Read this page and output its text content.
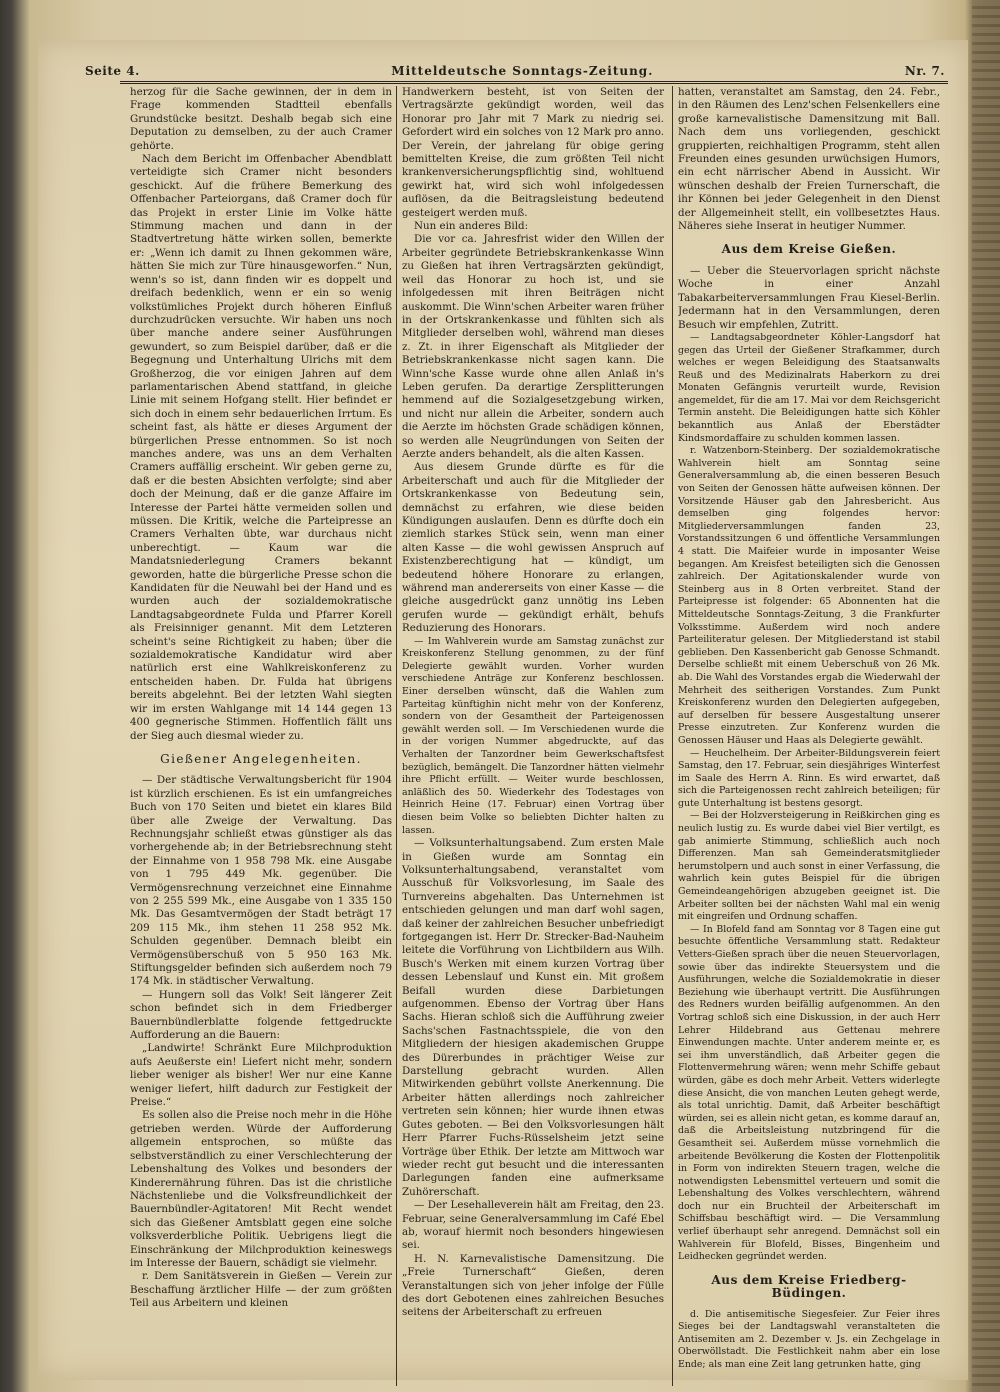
Seite 4.	Mitteldeutsche Sonntags-Zeitung.	Nr. 7.

herzog für die Sache gewinnen, der in dem in Frage kommenden Stadtteil ebenfalls Grundstücke besitzt. Deshalb begab sich eine Deputation zu demselben, zu der auch Cramer gehörte.

Nach dem Bericht im Offenbacher Abendblatt verteidigte sich Cramer nicht besonders geschickt. Auf die frühere Bemerkung des Offenbacher Parteiorgans, daß Cramer doch für das Projekt in erster Linie im Volke hätte Stimmung machen und dann in der Stadtvertretung hätte wirken sollen, bemerkte er: „Wenn ich damit zu Ihnen gekommen wäre, hätten Sie mich zur Türe hinausgeworfen.“ Nun, wenn's so ist, dann finden wir es doppelt und dreifach bedenklich, wenn er ein so wenig volkstümliches Projekt durch höheren Einfluß durchzudrücken versuchte. Wir haben uns noch über manche andere seiner Ausführungen gewundert, so zum Beispiel darüber, daß er die Begegnung und Unterhaltung Ulrichs mit dem Großherzog, die vor einigen Jahren auf dem parlamentarischen Abend stattfand, in gleiche Linie mit seinem Hofgang stellt. Hier befindet er sich doch in einem sehr bedauerlichen Irrtum. Es scheint fast, als hätte er dieses Argument der bürgerlichen Presse entnommen. So ist noch manches andere, was uns an dem Verhalten Cramers auffällig erscheint. Wir geben gerne zu, daß er die besten Absichten verfolgte; sind aber doch der Meinung, daß er die ganze Affaire im Interesse der Partei hätte vermeiden sollen und müssen. Die Kritik, welche die Parteipresse an Cramers Verhalten übte, war durchaus nicht unberechtigt. — Kaum war die Mandatsniederlegung Cramers bekannt geworden, hatte die bürgerliche Presse schon die Kandidaten für die Neuwahl bei der Hand und es wurden auch der sozialdemokratische Landtagsabgeordnete Fulda und Pfarrer Korell als Freisinniger genannt. Mit dem Letzteren scheint's seine Richtigkeit zu haben; über die sozialdemokratische Kandidatur wird aber natürlich erst eine Wahlkreiskonferenz zu entscheiden haben. Dr. Fulda hat übrigens bereits abgelehnt. Bei der letzten Wahl siegten wir im ersten Wahlgange mit 14 144 gegen 13 400 gegnerische Stimmen. Hoffentlich fällt uns der Sieg auch diesmal wieder zu.

Gießener Angelegenheiten.

— Der städtische Verwaltungsbericht für 1904 ist kürzlich erschienen. Es ist ein umfangreiches Buch von 170 Seiten und bietet ein klares Bild über alle Zweige der Verwaltung. Das Rechnungsjahr schließt etwas günstiger als das vorhergehende ab; in der Betriebsrechnung steht der Einnahme von 1 958 798 Mk. eine Ausgabe von 1 795 449 Mk. gegenüber. Die Vermögensrechnung verzeichnet eine Einnahme von 2 255 599 Mk., eine Ausgabe von 1 335 150 Mk. Das Gesamtvermögen der Stadt beträgt 17 209 115 Mk., ihm stehen 11 258 952 Mk. Schulden gegenüber. Demnach bleibt ein Vermögensüberschuß von 5 950 163 Mk. Stiftungsgelder befinden sich außerdem noch 79 174 Mk. in städtischer Verwaltung.

— Hungern soll das Volk! Seit längerer Zeit schon befindet sich in dem Friedberger Bauernbündlerblatte folgende fettgedruckte Aufforderung an die Bauern:

„Landwirte! Schränkt Eure Milchproduktion aufs Aeußerste ein! Liefert nicht mehr, sondern lieber weniger als bisher! Wer nur eine Kanne weniger liefert, hilft dadurch zur Festigkeit der Preise.“

Es sollen also die Preise noch mehr in die Höhe getrieben werden. Würde der Aufforderung allgemein entsprochen, so müßte das selbstverständlich zu einer Verschlechterung der Lebenshaltung des Volkes und besonders der Kinderernährung führen. Das ist die christliche Nächstenliebe und die Volksfreundlichkeit der Bauernbündler-Agitatoren! Mit Recht wendet sich das Gießener Amtsblatt gegen eine solche volksverderbliche Politik. Uebrigens liegt die Einschränkung der Milchproduktion keineswegs im Interesse der Bauern, schädigt sie vielmehr.

r. Dem Sanitätsverein in Gießen — Verein zur Beschaffung ärztlicher Hilfe — der zum größten Teil aus Arbeitern und kleinen

Handwerkern besteht, ist von Seiten der Vertragsärzte gekündigt worden, weil das Honorar pro Jahr mit 7 Mark zu niedrig sei. Gefordert wird ein solches von 12 Mark pro anno. Der Verein, der jahrelang für obige gering bemittelten Kreise, die zum größten Teil nicht krankenversicherungspflichtig sind, wohltuend gewirkt hat, wird sich wohl infolgedessen auflösen, da die Beitragsleistung bedeutend gesteigert werden muß.

Nun ein anderes Bild:

Die vor ca. Jahresfrist wider den Willen der Arbeiter gegründete Betriebskrankenkasse Winn zu Gießen hat ihren Vertragsärzten gekündigt, weil das Honorar zu hoch ist, und sie infolgedessen mit ihren Beiträgen nicht auskommt. Die Winn'schen Arbeiter waren früher in der Ortskrankenkasse und fühlten sich als Mitglieder derselben wohl, während man dieses z. Zt. in ihrer Eigenschaft als Mitglieder der Betriebskrankenkasse nicht sagen kann. Die Winn'sche Kasse wurde ohne allen Anlaß in's Leben gerufen. Da derartige Zersplitterungen hemmend auf die Sozialgesetzgebung wirken, und nicht nur allein die Arbeiter, sondern auch die Aerzte im höchsten Grade schädigen können, so werden alle Neugründungen von Seiten der Aerzte anders behandelt, als die alten Kassen.

Aus diesem Grunde dürfte es für die Arbeiterschaft und auch für die Mitglieder der Ortskrankenkasse von Bedeutung sein, demnächst zu erfahren, wie diese beiden Kündigungen auslaufen. Denn es dürfte doch ein ziemlich starkes Stück sein, wenn man einer alten Kasse — die wohl gewissen Anspruch auf Existenzberechtigung hat — kündigt, um bedeutend höhere Honorare zu erlangen, während man andererseits von einer Kasse — die gleiche ausgedrückt ganz unnötig ins Leben gerufen wurde — gekündigt erhält, behufs Reduzierung des Honorars.

— Im Wahlverein wurde am Samstag zunächst zur Kreiskonferenz Stellung genommen, zu der fünf Delegierte gewählt wurden. Vorher wurden verschiedene Anträge zur Konferenz beschlossen. Einer derselben wünscht, daß die Wahlen zum Parteitag künftighin nicht mehr von der Konferenz, sondern von der Gesamtheit der Parteigenossen gewählt werden soll. — Im Verschiedenen wurde die in der vorigen Nummer abgedruckte, auf das Verhalten der Tanzordner beim Gewerkschaftsfest bezüglich, bemängelt. Die Tanzordner hätten vielmehr ihre Pflicht erfüllt. — Weiter wurde beschlossen, anläßlich des 50. Wiederkehr des Todestages von Heinrich Heine (17. Februar) einen Vortrag über diesen beim Volke so beliebten Dichter halten zu lassen.

— Volksunterhaltungsabend. Zum ersten Male in Gießen wurde am Sonntag ein Volksunterhaltungsabend, veranstaltet vom Ausschuß für Volksvorlesung, im Saale des Turnvereins abgehalten. Das Unternehmen ist entschieden gelungen und man darf wohl sagen, daß keiner der zahlreichen Besucher unbefriedigt fortgegangen ist. Herr Dr. Strecker-Bad-Nauheim leitete die Vorführung von Lichtbildern aus Wilh. Busch's Werken mit einem kurzen Vortrag über dessen Lebenslauf und Kunst ein. Mit großem Beifall wurden diese Darbietungen aufgenommen. Ebenso der Vortrag über Hans Sachs. Hieran schloß sich die Aufführung zweier Sachs'schen Fastnachtsspiele, die von den Mitgliedern der hiesigen akademischen Gruppe des Dürerbundes in prächtiger Weise zur Darstellung gebracht wurden. Allen Mitwirkenden gebührt vollste Anerkennung. Die Arbeiter hätten allerdings noch zahlreicher vertreten sein können; hier wurde ihnen etwas Gutes geboten. — Bei den Volksvorlesungen hält Herr Pfarrer Fuchs-Rüsselsheim jetzt seine Vorträge über Ethik. Der letzte am Mittwoch war wieder recht gut besucht und die interessanten Darlegungen fanden eine aufmerksame Zuhörerschaft.

— Der Lesehalleverein hält am Freitag, den 23. Februar, seine Generalversammlung im Café Ebel ab, worauf hiermit noch besonders hingewiesen sei.

H. N. Karnevalistische Damensitzung. Die „Freie Turnerschaft“ Gießen, deren Veranstaltungen sich von jeher infolge der Fülle des dort Gebotenen eines zahlreichen Besuches seitens der Arbeiterschaft zu erfreuen

hatten, veranstaltet am Samstag, den 24. Febr., in den Räumen des Lenz'schen Felsenkellers eine große karnevalistische Damensitzung mit Ball. Nach dem uns vorliegenden, geschickt gruppierten, reichhaltigen Programm, steht allen Freunden eines gesunden urwüchsigen Humors, ein echt närrischer Abend in Aussicht. Wir wünschen deshalb der Freien Turnerschaft, die ihr Können bei jeder Gelegenheit in den Dienst der Allgemeinheit stellt, ein vollbesetztes Haus. Näheres siehe Inserat in heutiger Nummer.

Aus dem Kreise Gießen.

— Ueber die Steuervorlagen spricht nächste Woche in einer Anzahl Tabakarbeiterversammlungen Frau Kiesel-Berlin. Jedermann hat in den Versammlungen, deren Besuch wir empfehlen, Zutritt.

— Landtagsabgeordneter Köhler-Langsdorf hat gegen das Urteil der Gießener Strafkammer, durch welches er wegen Beleidigung des Staatsanwalts Reuß und des Medizinalrats Haberkorn zu drei Monaten Gefängnis verurteilt wurde, Revision angemeldet, für die am 17. Mai vor dem Reichsgericht Termin ansteht. Die Beleidigungen hatte sich Köhler bekanntlich aus Anlaß der Eberstädter Kindsmordaffaire zu schulden kommen lassen.

r. Watzenborn-Steinberg. Der sozialdemokratische Wahlverein hielt am Sonntag seine Generalversammlung ab, die einen besseren Besuch von Seiten der Genossen hätte aufweisen können. Der Vorsitzende Häuser gab den Jahresbericht. Aus demselben ging folgendes hervor: Mitgliederversammlungen fanden 23, Vorstandssitzungen 6 und öffentliche Versammlungen 4 statt. Die Maifeier wurde in imposanter Weise begangen. Am Kreisfest beteiligten sich die Genossen zahlreich. Der Agitationskalender wurde von Steinberg aus in 8 Orten verbreitet. Stand der Parteipresse ist folgender: 65 Abonnenten hat die Mitteldeutsche Sonntags-Zeitung, 3 die Frankfurter Volksstimme. Außerdem wird noch andere Parteiliteratur gelesen. Der Mitgliederstand ist stabil geblieben. Den Kassenbericht gab Genosse Schmandt. Derselbe schließt mit einem Ueberschuß von 26 Mk. ab. Die Wahl des Vorstandes ergab die Wiederwahl der Mehrheit des seitherigen Vorstandes. Zum Punkt Kreiskonferenz wurden den Delegierten aufgegeben, auf derselben für bessere Ausgestaltung unserer Presse einzutreten. Zur Konferenz wurden die Genossen Häuser und Haas als Delegierte gewählt.

— Heuchelheim. Der Arbeiter-Bildungsverein feiert Samstag, den 17. Februar, sein diesjähriges Winterfest im Saale des Herrn A. Rinn. Es wird erwartet, daß sich die Parteigenossen recht zahlreich beteiligen; für gute Unterhaltung ist bestens gesorgt.

— Bei der Holzversteigerung in Reißkirchen ging es neulich lustig zu. Es wurde dabei viel Bier vertilgt, es gab animierte Stimmung, schließlich auch noch Differenzen. Man sah Gemeinderatsmitglieder herumstolpern und auch sonst in einer Verfassung, die wahrlich kein gutes Beispiel für die übrigen Gemeindeangehörigen abzugeben geeignet ist. Die Arbeiter sollten bei der nächsten Wahl mal ein wenig mit eingreifen und Ordnung schaffen.

— In Blofeld fand am Sonntag vor 8 Tagen eine gut besuchte öffentliche Versammlung statt. Redakteur Vetters-Gießen sprach über die neuen Steuervorlagen, sowie über das indirekte Steuersystem und die Ausführungen, welche die Sozialdemokratie in dieser Beziehung wie überhaupt vertritt. Die Ausführungen des Redners wurden beifällig aufgenommen. An den Vortrag schloß sich eine Diskussion, in der auch Herr Lehrer Hildebrand aus Gettenau mehrere Einwendungen machte. Unter anderem meinte er, es sei ihm unverständlich, daß Arbeiter gegen die Flottenvermehrung wären; wenn mehr Schiffe gebaut würden, gäbe es doch mehr Arbeit. Vetters widerlegte diese Ansicht, die von manchen Leuten gehegt werde, als total unrichtig. Damit, daß Arbeiter beschäftigt würden, sei es allein nicht getan, es komme darauf an, daß die Arbeitsleistung nutzbringend für die Gesamtheit sei. Außerdem müsse vornehmlich die arbeitende Bevölkerung die Kosten der Flottenpolitik in Form von indirekten Steuern tragen, welche die notwendigsten Lebensmittel verteuern und somit die Lebenshaltung des Volkes verschlechtern, während doch nur ein Bruchteil der Arbeiterschaft im Schiffsbau beschäftigt wird. — Die Versammlung verlief überhaupt sehr anregend. Demnächst soll ein Wahlverein für Blofeld, Bisses, Bingenheim und Leidhecken gegründet werden.

Aus dem Kreise Friedberg-Büdingen.

d. Die antisemitische Siegesfeier. Zur Feier ihres Sieges bei der Landtagswahl veranstalteten die Antisemiten am 2. Dezember v. Js. ein Zechgelage in Oberwöllstadt. Die Festlichkeit nahm aber ein lose Ende; als man eine Zeit lang getrunken hatte, ging
